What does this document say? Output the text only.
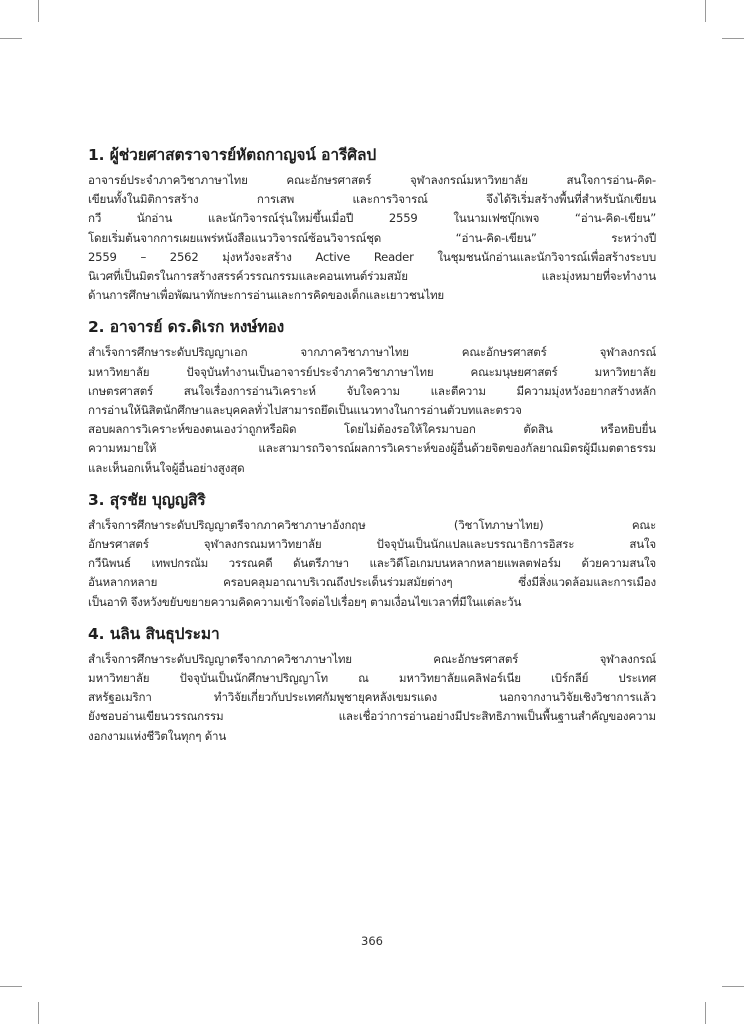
1. ผู้ช่วยศาสตราจารย์หัตถกาญจน์ อารีศิลป
อาจารย์ประจำภาควิชาภาษาไทย คณะอักษรศาสตร์ จุฬาลงกรณ์มหาวิทยาลัย สนใจการอ่าน-คิด-
เขียนทั้งในมิติการสร้าง การเสพ และการวิจารณ์ จึงได้ริเริ่มสร้างพื้นที่สำหรับนักเขียน
กวี นักอ่าน และนักวิจารณ์รุ่นใหม่ขึ้นเมื่อปี 2559 ในนามเฟซบุ๊กเพจ “อ่าน-คิด-เขียน”
โดยเริ่มต้นจากการเผยแพร่หนังสือแนววิจารณ์ซ้อนวิจารณ์ชุด “อ่าน-คิด-เขียน” ระหว่างปี
2559 – 2562 มุ่งหวังจะสร้าง Active Reader ในชุมชนนักอ่านและนักวิจารณ์เพื่อสร้างระบบ
นิเวศที่เป็นมิตรในการสร้างสรรค์วรรณกรรมและคอนเทนต์ร่วมสมัย และมุ่งหมายที่จะทำงาน
ด้านการศึกษาเพื่อพัฒนาทักษะการอ่านและการคิดของเด็กและเยาวชนไทย
2. อาจารย์ ดร.ดิเรก หงษ์ทอง
สำเร็จการศึกษาระดับปริญญาเอก จากภาควิชาภาษาไทย คณะอักษรศาสตร์ จุฬาลงกรณ์
มหาวิทยาลัย ปัจจุบันทำงานเป็นอาจารย์ประจำภาควิชาภาษาไทย คณะมนุษยศาสตร์ มหาวิทยาลัย
เกษตรศาสตร์ สนใจเรื่องการอ่านวิเคราะห์ จับใจความ และตีความ มีความมุ่งหวังอยากสร้างหลัก
การอ่านให้นิสิตนักศึกษาและบุคคลทั่วไปสามารถยึดเป็นแนวทางในการอ่านตัวบทและตรวจ
สอบผลการวิเคราะห์ของตนเองว่าถูกหรือผิด โดยไม่ต้องรอให้ใครมาบอก ตัดสิน หรือหยิบยื่น
ความหมายให้ และสามารถวิจารณ์ผลการวิเคราะห์ของผู้อื่นด้วยจิตของกัลยาณมิตรผู้มีเมตตาธรรม
และเห็นอกเห็นใจผู้อื่นอย่างสูงสุด
3. สุรชัย บุญญสิริ
สำเร็จการศึกษาระดับปริญญาตรีจากภาควิชาภาษาอังกฤษ (วิชาโทภาษาไทย) คณะ
อักษรศาสตร์ จุฬาลงกรณมหาวิทยาลัย ปัจจุบันเป็นนักแปลและบรรณาธิการอิสระ สนใจ
กวีนิพนธ์ เทพปกรณัม วรรณคดี ดันตรีภาษา และวิดีโอเกมบนหลากหลายแพลตฟอร์ม ด้วยความสนใจ
อันหลากหลาย ครอบคลุมอาณาบริเวณถึงประเด็นร่วมสมัยต่างๆ ซึ่งมีสิ่งแวดล้อมและการเมือง
เป็นอาทิ จึงหวังขยับขยายความคิดความเข้าใจต่อไปเรื่อยๆ ตามเงื่อนไขเวลาที่มีในแต่ละวัน
4. นลิน สินธุประมา
สำเร็จการศึกษาระดับปริญญาตรีจากภาควิชาภาษาไทย คณะอักษรศาสตร์ จุฬาลงกรณ์
มหาวิทยาลัย ปัจจุบันเป็นนักศึกษาปริญญาโท ณ มหาวิทยาลัยแคลิฟอร์เนีย เบิร์กลีย์ ประเทศ
สหรัฐอเมริกา ทำวิจัยเกี่ยวกับประเทศกัมพูชายุคหลังเขมรแดง นอกจากงานวิจัยเชิงวิชาการแล้ว
ยังชอบอ่านเขียนวรรณกรรม และเชื่อว่าการอ่านอย่างมีประสิทธิภาพเป็นพื้นฐานสำคัญของความ
งอกงามแห่งชีวิตในทุกๆ ด้าน
366
